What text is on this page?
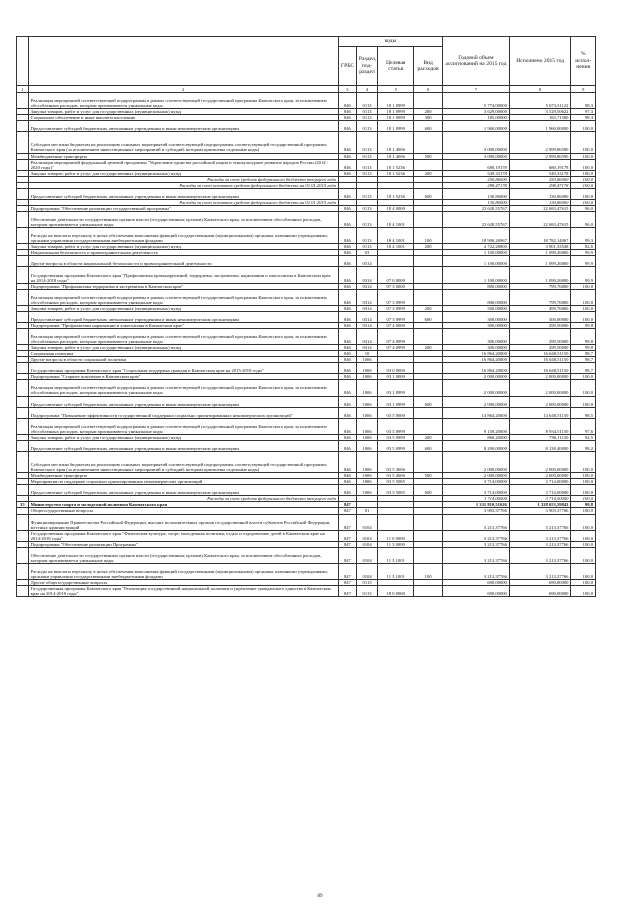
		коды				Годовой объем ассигнований на 2015 год	Исполнено 2015 год	% испол-нения
		ГРБС	Раздел, под-раздел	Целевая статья	Вид расходов			
1	2	3	4	5	6	7	8	9
	Реализация мероприятий соответствующей подпрограммы в рамках соответствующей государственной программы Камчатского края, за исключением обособленных расходов, которым присваиваются уникальные коды	846	0113	18 1 0999		5 774,00000	5 673,31122	98,3
	Закупка товаров, работ и услуг для государственных (муниципальных) нужд	846	0113	18 1 0999	200	3 629,00000	3 529,50622	97,3
	Социальное обеспечение и иные выплаты населению	846	0113	18 1 0999	300	185,00000	183,71500	99,3
	Предоставление субсидий бюджетным, автономным учреждениям и иным некоммерческим организациям	846	0113	18 1 0999	600	1 960,00000	1 960,00000	100,0
	Субсидии местным бюджетам на реализацию основных мероприятий соответствующей подпрограммы соответствующей государственной программы Камчатского края (за исключением инвестиционных мероприятий и субсидий, которым присвоены отдельные коды)	846	0113	18 1 4006		3 000,00000	2 999,86590	100,0
	Межбюджетные трансферты	846	0113	18 1 4006	500	3 000,00000	2 999,86590	100,0
	Реализация мероприятий федеральной целевой программы "Укрепление единства российской нации и этнокультурное развитие народов России (2014 - 2020 годы)"	846	0113	18 1 5236		680,19178	680,19178	100,0
	Закупка товаров, работ и услуг для государственных (муниципальных) нужд	846	0113	18 1 5236	200	549,33178	549,33178	100,0
	Расходы за счет средств федерального бюджета текущего года					250,86000	250,86000	100,0
	Расходы за счет остатков средств федерального бюджета на 01.01.2015 года					298,47178	298,47178	100,0
	Предоставление субсидий бюджетным, автономным учреждениям и иным некоммерческим организациям	846	0113	18 1 5236	600	130,86000	130,86000	100,0
	Расходы за счет остатков средств федерального бюджета на 01.01.2015 года					130,86000	130,86000	100,0
	Подпрограмма "Обеспечение реализации государственной программы"	846	0113	18 4 0000		23 628,55767	22 683,47615	96,0
	Обеспечение деятельности государственных органов власти (государственных органов) Камчатского края, за исключением обособленных расходов, которым присваиваются уникальные коды	846	0113	18 4 1001		23 628,55767	22 683,47615	96,0
	Расходы на выплаты персоналу в целях обеспечения выполнения функций государственными (муниципальными) органами, казенными учреждениями, органами управления государственными внебюджетными фондами	846	0113	18 4 1001	100	18 906,26967	18 782,14067	99,3
	Закупка товаров, работ и услуг для государственных (муниципальных) нужд	846	0113	18 4 1001	200	4 722,28800	3 901,33548	82,6
	Национальная безопасность и правоохранительная деятельность	846	03			1 100,00000	1 099,26800	99,9
	Другие вопросы в области национальной безопасности и правоохранительной деятельности	846	0314			1 100,00000	1 099,26800	99,9
	Государственная программа Камчатского края "Профилактика правонарушений, терроризма, экстремизма, наркомании и алкоголизма в Камчатском крае на 2014-2018 годы"	846	0314	07 0 0000		1 100,00000	1 099,26800	99,9
	Подпрограмма "Профилактика терроризма и экстремизма в Камчатском крае"	846	0314	07 3 0000		800,00000	799,76800	100,0
	Реализация мероприятий соответствующей подпрограммы в рамках соответствующей государственной программы Камчатского края, за исключением обособленных расходов, которым присваиваются уникальные коды	846	0314	07 3 0999		800,00000	799,76800	100,0
	Закупка товаров, работ и услуг для государственных (муниципальных) нужд	846	0314	07 3 0999	200	500,00000	499,76800	100,0
	Предоставление субсидий бюджетным, автономным учреждениям и иным некоммерческим организациям	846	0314	07 3 0999	600	300,00000	300,00000	100,0
	Подпрограмма "Профилактика наркомании и алкоголизма в Камчатском крае"	846	0314	07 4 0000		300,00000	299,50000	99,8
	Реализация мероприятий соответствующей подпрограммы в рамках соответствующей государственной программы Камчатского края, за исключением обособленных расходов, которым присваиваются уникальные коды	846	0314	07 4 0999		300,00000	299,50000	99,8
	Закупка товаров, работ и услуг для государственных (муниципальных) нужд	846	0314	07 4 0999	200	300,00000	299,50000	99,8
	Социальная политика	846	10			16 864,20000	16 648,51150	98,7
	Другие вопросы в области социальной политики	846	1006			16 864,20000	16 648,51150	98,7
	Государственная программа Камчатского края "Социальная поддержка граждан в Камчатском крае на 2015-2018 годы"	846	1006	03 0 0000		16 864,20000	16 648,51150	98,7
	Подпрограмма "Старшее поколение в Камчатском крае"	846	1006	03 1 0000		2 000,00000	2 000,00000	100,0
	Реализация мероприятий соответствующей подпрограммы в рамках соответствующей государственной программы Камчатского края, за исключением обособленных расходов, которым присваиваются уникальные коды	846	1006	03 1 0999		2 000,00000	2 000,00000	100,0
	Предоставление субсидий бюджетным, автономным учреждениям и иным некоммерческим организациям	846	1006	03 1 0999	600	2 000,00000	2 000,00000	100,0
	Подпрограмма "Повышение эффективности государственной поддержки социально ориентированных некоммерческих организаций"	846	1006	03 5 0000		14 864,20000	14 648,51150	98,5
	Реализация мероприятий соответствующей подпрограммы в рамках соответствующей государственной программы Камчатского края, за исключением обособленных расходов, которым присваиваются уникальные коды	846	1006	03 5 0999		9 150,20000	8 934,51150	97,6
	Закупка товаров, работ и услуг для государственных (муниципальных) нужд	846	1006	03 5 0999	200	860,20000	796,11150	92,5
	Предоставление субсидий бюджетным, автономным учреждениям и иным некоммерческим организациям	846	1006	03 5 0999	600	8 290,00000	8 138,40000	98,2
	Субсидии местным бюджетам на реализацию основных мероприятий соответствующей подпрограммы соответствующей государственной программы Камчатского края (за исключением инвестиционных мероприятий и субсидий, которым присвоены отдельные коды)	846	1006	03 5 4006		2 000,00000	2 000,00000	100,0
	Межбюджетные трансферты	846	1006	03 5 4006	500	2 000,00000	2 000,00000	100,0
	Мероприятия по поддержке социально ориентированных некоммерческих организаций	846	1006	03 5 5085		3 714,00000	3 714,00000	100,0
	Предоставление субсидий бюджетным, автономным учреждениям и иным некоммерческим организациям	846	1006	03 5 5085	600	3 714,00000	3 714,00000	100,0
	Расходы за счет средств федерального бюджета текущего года					3 714,00000	3 714,00000	100,0
35	Министерство спорта и молодежной политики Камчатского края	847				1 331 810,51626	1 328 653,59843	99,8
	Общегосударственные вопросы	847	01			3 903,37766	3 903,37766	100,0
	Функционирование Правительства Российской Федерации, высших исполнительных органов государственной власти субъектов Российской Федерации, местных администраций	847	0104			3 213,37766	3 213,37766	100,0
	Государственная программа Камчатского края "Физическая культура, спорт, молодежная политика, отдых и оздоровление детей в Камчатском крае на 2014-2018 годы"	847	0104	11 0 0000		3 213,37766	3 213,37766	100,0
	Подпрограмма "Обеспечение реализации Программы"	847	0104	11 3 0000		3 213,37766	3 213,37766	100,0
	Обеспечение деятельности государственных органов власти (государственных органов) Камчатского края, за исключением обособленных расходов, которым присваиваются уникальные коды	847	0104	11 3 1001		3 213,37766	3 213,37766	100,0
	Расходы на выплаты персоналу в целях обеспечения выполнения функций государственными (муниципальными) органами, казенными учреждениями, органами управления государственными внебюджетными фондами	847	0104	11 3 1001	100	3 213,37766	3 213,37766	100,0
	Другие общегосударственные вопросы	847	0113			690,00000	690,00000	100,0
	Государственная программа Камчатского края "Реализация государственной национальной политики и укрепление гражданского единства в Камчатском крае на 2014-2018 годы"	847	0113	18 0 0000		690,00000	690,00000	100,0
89
